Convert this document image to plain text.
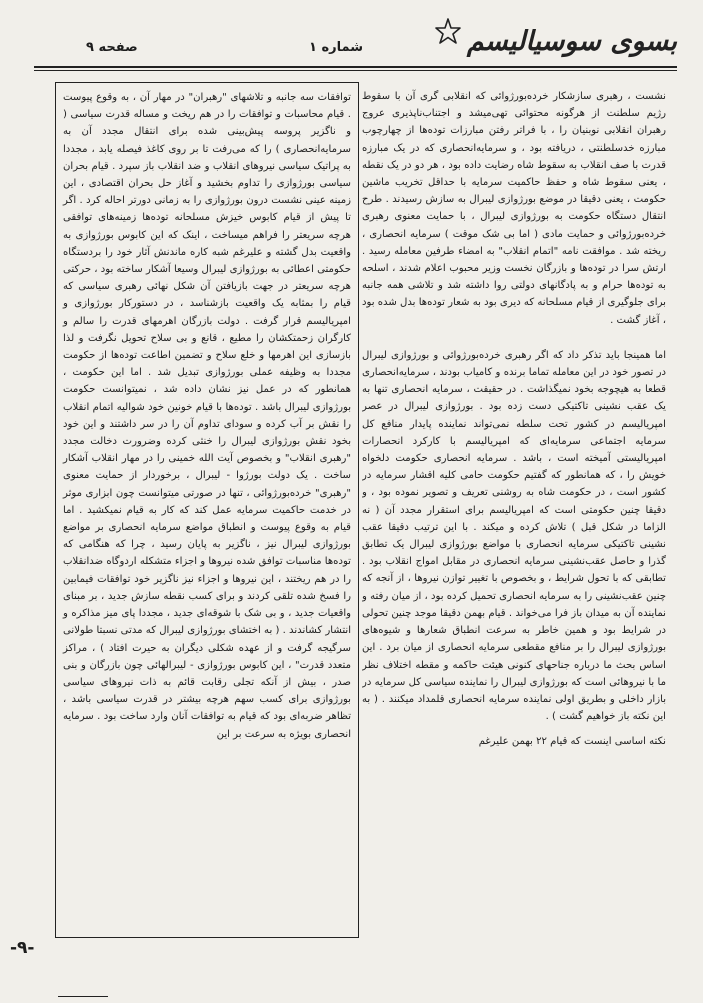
بسوی سوسیالیسم
شماره ۱
صفحه ۹

نشست ، رهبری سازشکار خرده‌بورژوائی که انقلابی گری آن با سقوط رژیم سلطنت از هرگونه محتوائی تهی‌میشد و اجتناب‌ناپذیری عروج رهبران انقلابی نوبنیان را ، با فراتر رفتن مبارزات توده‌ها از چهارچوب مبارزه خدسلطنتی ، دریافته بود ، و سرمایه‌انحصاری که در یک مبارزه قدرت با صف انقلاب به سقوط شاه رضایت داده بود ، هر دو در یک نقطه ، یعنی سقوط شاه و حفظ حاکمیت سرمایه با حداقل تخریب ماشین حکومت ، یعنی دقیقا در موضع بورژوازی لیبرال به سازش رسیدند . طرح انتقال دستگاه حکومت به بورژوازی لیبرال ، با حمایت معنوی رهبری خرده‌بورژوائی و حمایت مادی ( اما بی شک موقت ) سرمایه انحصاری ، ریخته شد . موافقت نامه "اتمام انقلاب" به امضاء طرفین معامله رسید . ارتش سرا در توده‌ها و بازرگان نخست وزیر محبوب اعلام شدند ، اسلحه به توده‌ها حرام و به پادگانهای دولتی روا داشته شد و تلاشی همه جانبه برای جلوگیری از قیام مسلحانه که دیری بود به شعار توده‌ها بدل شده بود ، آغاز گشت .

اما همینجا باید تذکر داد که اگر رهبری خرده‌بورژوائی و بورژوازی لیبرال در تصور خود در این معامله تماما برنده و کامیاب بودند ، سرمایه‌انحصاری قطعا به هیچوجه بخود نمیگذاشت . در حقیقت ، سرمایه انحصاری تنها به یک عقب نشینی تاکتیکی دست زده بود . بورژوازی لیبرال در عصر امپریالیسم در کشور تحت سلطه نمی‌تواند نماینده پایدار منافع کل سرمایه اجتماعی سرمایه‌ای که امپریالیسم با کارکرد انحصارات امپریالیستی آمیخته است ، باشد . سرمایه انحصاری حکومت دلخواه خویش را ، که هما‌نطور که گفتیم حکومت حامی کلیه اقشار سرمایه در کشور است ، در حکومت شاه به روشنی تعریف و تصویر نموده بود ، و دقیقا چنین حکومتی است که امپریالیسم برای استقرار مجدد آن ( نه الزاما در شکل قبل ) تلاش کرده و میکند . با این ترتیب دقیقا عقب نشینی تاکتیکی سرمایه انحصاری با مواضع بورژوازی لیبرال یک تطابق گذرا و حاصل عقب‌نشینی سرمایه انحصاری در مقابل امواج انقلاب بود . تطابقی که با تحول شرایط ، و بخصوص با تغییر توازن نیروها ، از آنجه که چنین عقب‌نشینی را به سرمایه انحصاری تحمیل کرده بود ، از میان رفته و نماینده آن به میدان باز فرا می‌خواند . قیام بهمن دقیقا موجد چنین تحولی در شرایط بود و همین خاطر به سرعت انطباق شعارها و شیوه‌های بورژوازی لیبرال را بر منافع مقطعی سرمایه انحصاری از میان برد . این اساس بحث ما درباره جناحهای کنونی هیئت حاکمه و مقطه اختلاف نظر ما با نیروهائی است که بورژوازی لیبرال را نماینده سیاسی کل سرمایه در بازار داخلی و بطریق اولی نماینده سرمایه انحصاری قلمداد میکنند . ( به این نکته باز خواهیم گشت ) .

نکته اساسی اینست که قیام ۲۲ بهمن علیرغم

توافقات سه جانبه و تلاشهای "رهبران" در مهار آن ، به وقوع پیوست . قیام محاسبات و توافقات را در هم ریخت و مساله قدرت سیاسی ( و ناگزیر پروسه پیش‌بینی شده برای انتقال مجدد آن به سرمایه‌انحصاری ) را که می‌رفت تا بر روی کاغذ فیصله یابد ، مجددا به پراتیک سیاسی نیروهای انقلاب و ضد انقلاب باز سپرد . قیام بحران سیاسی بورژوازی را تداوم بخشید و آغاز حل بحران اقتصادی ، این زمینه عینی نشست درون بورژوازی را به زمانی دورتر احاله کرد . اگر تا پیش از قیام کابوس خیزش مسلحانه توده‌ها زمینه‌های توافقی هرچه سریعتر را فراهم میساخت ، اینک که این کابوس بورژوازی به واقعیت بدل گشته و علیرغم شبه کاره ماندنش آثار خود را بردستگاه حکومتی اعطائی به بورژوازی لیبرال وسیعا آشکار ساخته بود ، حرکتی هرچه سریعتر در جهت بازیافتن آن شکل نهائی رهبری سیاسی که قیام را بمثابه یک واقعیت بازشناسد ، در دستورکار بورژوازی و امپریالیسم قرار گرفت . دولت بازرگان اهرمهای قدرت را سالم و کارگران زحمتکشان را مطیع ، قانع و بی سلاح تحویل نگرفت و لذا بازسازی این اهرمها و خلع سلاح و تضمین اطاعت توده‌ها از حکومت مجددا به وظیفه عملی بورژوازی تبدیل شد . اما این حکومت ، همانطور که در عمل نیز نشان داده شد ، نمیتوانست حکومت بورژوازی لیبرال باشد . توده‌ها با قیام خونین خود شوالیه اتمام انقلاب را نقش بر آب کرده و سودای تداوم آن را در سر داشتند و این خود بخود نقش بورژوازی لیبرال را خنثی کرده وضرورت دخالت مجدد "رهبری انقلاب" و بخصوص آیت الله خمینی را در مهار انقلاب آشکار ساخت . یک دولت بورژوا - لیبرال ، برخوردار از حمایت معنوی "رهبری" خرده‌بورژوائی ، تنها در صورتی میتوانست چون ابزاری موثر در خدمت حاکمیت سرمایه عمل کند که کار به قیام نمیکشید . اما قیام به وقوع پیوست و انطباق مواضع سرمایه انحصاری بر مواضع بورژوازی لیبرال نیز ، ناگزیر به پایان رسید ، چرا که هنگامی که توده‌ها مناسبات توافق شده نیروها و اجزاء متشکله اردوگاه ضدانقلاب را در هم ریختند ، این نیروها و اجزاء نیز ناگزیر خود توافقات فیمابین را فسخ شده تلقی کردند و برای کسب نقطه سازش جدید ، بر مبنای واقعیات جدید ، و بی شک با شوقه‌ای جدید ، مجددا پای میز مذاکره و انتشار کشاندند . ( به اختشای بورژوازی لیبرال که مدتی نسبتا طولانی سرگیجه گرفت و از عهده شکلی دیگران به حیرت افتاد ) ، مراکز متعدد قدرت" ، این کابوس بورژوازی - لیبرالهائی چون بازرگان و بنی صدر ، بیش از آنکه تجلی رقابت قائم به ذات نیروهای سیاسی بورژوازی برای کسب سهم هرچه بیشتر در قدرت سیاسی باشد ، تظاهر ضربه‌ای بود که قیام به توافقات آنان وارد ساخت بود . سرمایه انحصاری بویژه به سرعت بر این

-۹-
